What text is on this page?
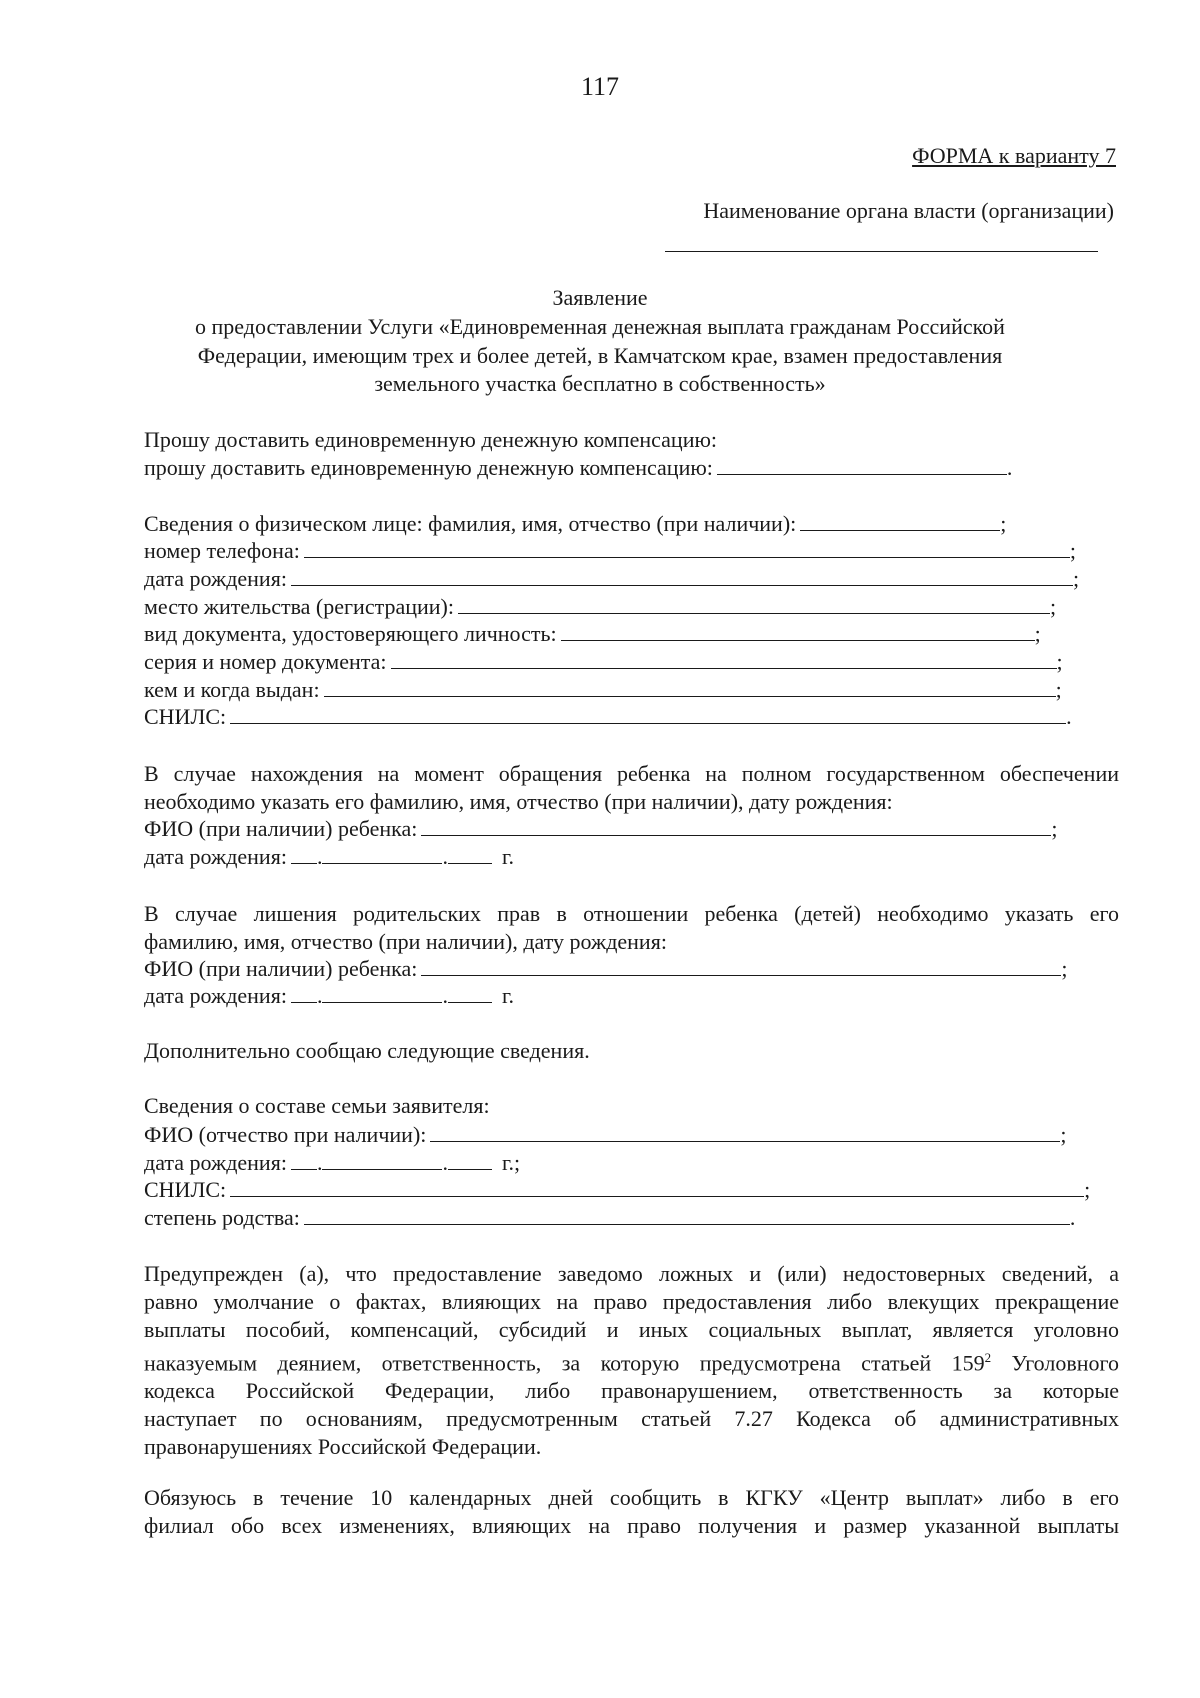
117
ФОРМА к варианту 7
Наименование органа власти (организации)
Заявление
о предоставлении Услуги «Единовременная денежная выплата гражданам Российской
Федерации, имеющим трех и более детей, в Камчатском крае, взамен предоставления
земельного участка бесплатно в собственность»
Прошу доставить единовременную денежную компенсацию:
прошу доставить единовременную денежную компенсацию:	.
Сведения о физическом лице: фамилия, имя, отчество (при наличии):	;
номер телефона:	;
дата рождения:	;
место жительства (регистрации):	;
вид документа, удостоверяющего личность:	;
серия и номер документа:	;
кем и когда выдан:	;
СНИЛС:	.
В случае нахождения на момент обращения ребенка на полном государственном обеспечении
необходимо указать его фамилию, имя, отчество (при наличии), дату рождения:
ФИО (при наличии) ребенка:	;
дата рождения: .	. г.
В случае лишения родительских прав в отношении ребенка (детей) необходимо указать его
фамилию, имя, отчество (при наличии), дату рождения:
ФИО (при наличии) ребенка:	;
дата рождения: .	. г.
Дополнительно сообщаю следующие сведения.
Сведения о составе семьи заявителя:
ФИО (отчество при наличии):	;
дата рождения: .	. г.;
СНИЛС:	;
степень родства:	.
Предупрежден (а), что предоставление заведомо ложных и (или) недостоверных сведений, а
равно умолчание о фактах, влияющих на право предоставления либо влекущих прекращение
выплаты пособий, компенсаций, субсидий и иных социальных выплат, является уголовно
наказуемым деянием, ответственность, за которую предусмотрена статьей $159^2$ Уголовного
кодекса Российской Федерации, либо правонарушением, ответственность за которые
наступает по основаниям, предусмотренным статьей 7.27 Кодекса об административных
правонарушениях Российской Федерации.
Обязуюсь в течение 10 календарных дней сообщить в КГКУ «Центр выплат» либо в его
филиал обо всех изменениях, влияющих на право получения и размер указанной выплаты
